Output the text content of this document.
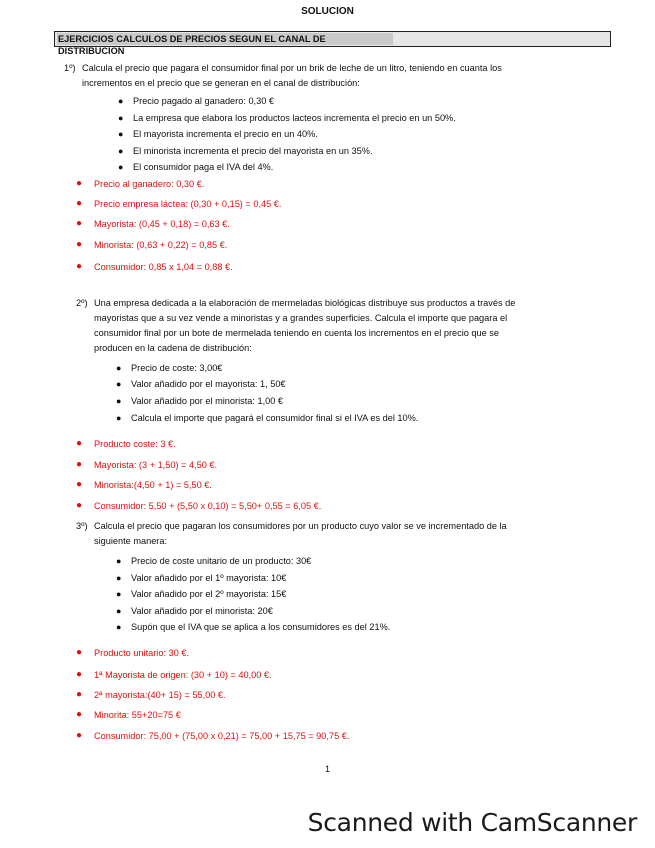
SOLUCION
EJERCICIOS CALCULOS DE PRECIOS SEGUN EL CANAL DE DISTRIBUCION
1º) Calcula el precio que pagara el consumidor final por un brik de leche de un litro, teniendo en cuanta los
incrementos en el precio que se generan en el canal de distribución:
● Precio pagado al ganadero: 0,30 €
● La empresa que elabora los productos lacteos incrementa el precio en un 50%.
● El mayorista incrementa el precio en un 40%.
● El minorista incrementa el precio del mayorista en un 35%.
● El consumidor paga el IVA del 4%.
● Precio al ganadero: 0,30 €.
● Precio empresa láctea: (0,30 + 0,15) = 0,45 €.
● Mayorista: (0,45 + 0,18) = 0,63 €.
● Minorista: (0,63 + 0,22) = 0,85 €.
● Consumidor: 0,85 x 1,04 = 0,88 €.
2º) Una empresa dedicada a la elaboración de mermeladas biológicas distribuye sus productos a través de
mayoristas que a su vez vende a minoristas y a grandes superficies. Calcula el importe que pagara el
consumidor final por un bote de mermelada teniendo en cuenta los incrementos en el precio que se
producen en la cadena de distribución:
● Precio de coste: 3,00€
● Valor añadido por el mayorista: 1, 50€
● Valor añadido por el minorista: 1,00 €
● Calcula el importe que pagará el consumidor final si el IVA es del 10%.
● Producto coste: 3 €.
● Mayorista: (3 + 1,50) = 4,50 €.
● Minorista:(4,50 + 1) = 5,50 €.
● Consumidor: 5,50 + (5,50 x 0,10) = 5,50+ 0,55 = 6,05 €.
3º) Calcula el precio que pagaran los consumidores por un producto cuyo valor se ve incrementado de la
siguiente manera:
● Precio de coste unitario de un producto: 30€
● Valor añadido por el 1º mayorista: 10€
● Valor añadido por el 2º mayorista: 15€
● Valor añadido por el minorista: 20€
● Supón que el IVA que se aplica a los consumidores es del 21%.
● Producto unitario: 30 €.
● 1ª Mayorista de origen: (30 + 10) = 40,00 €.
● 2ª mayorista:(40+ 15) = 55,00 €.
● Minorita: 55+20=75 €
● Consumidor: 75,00 + (75,00 x 0,21) = 75,00 + 15,75 = 90,75 €.
1
Scanned with CamScanner
